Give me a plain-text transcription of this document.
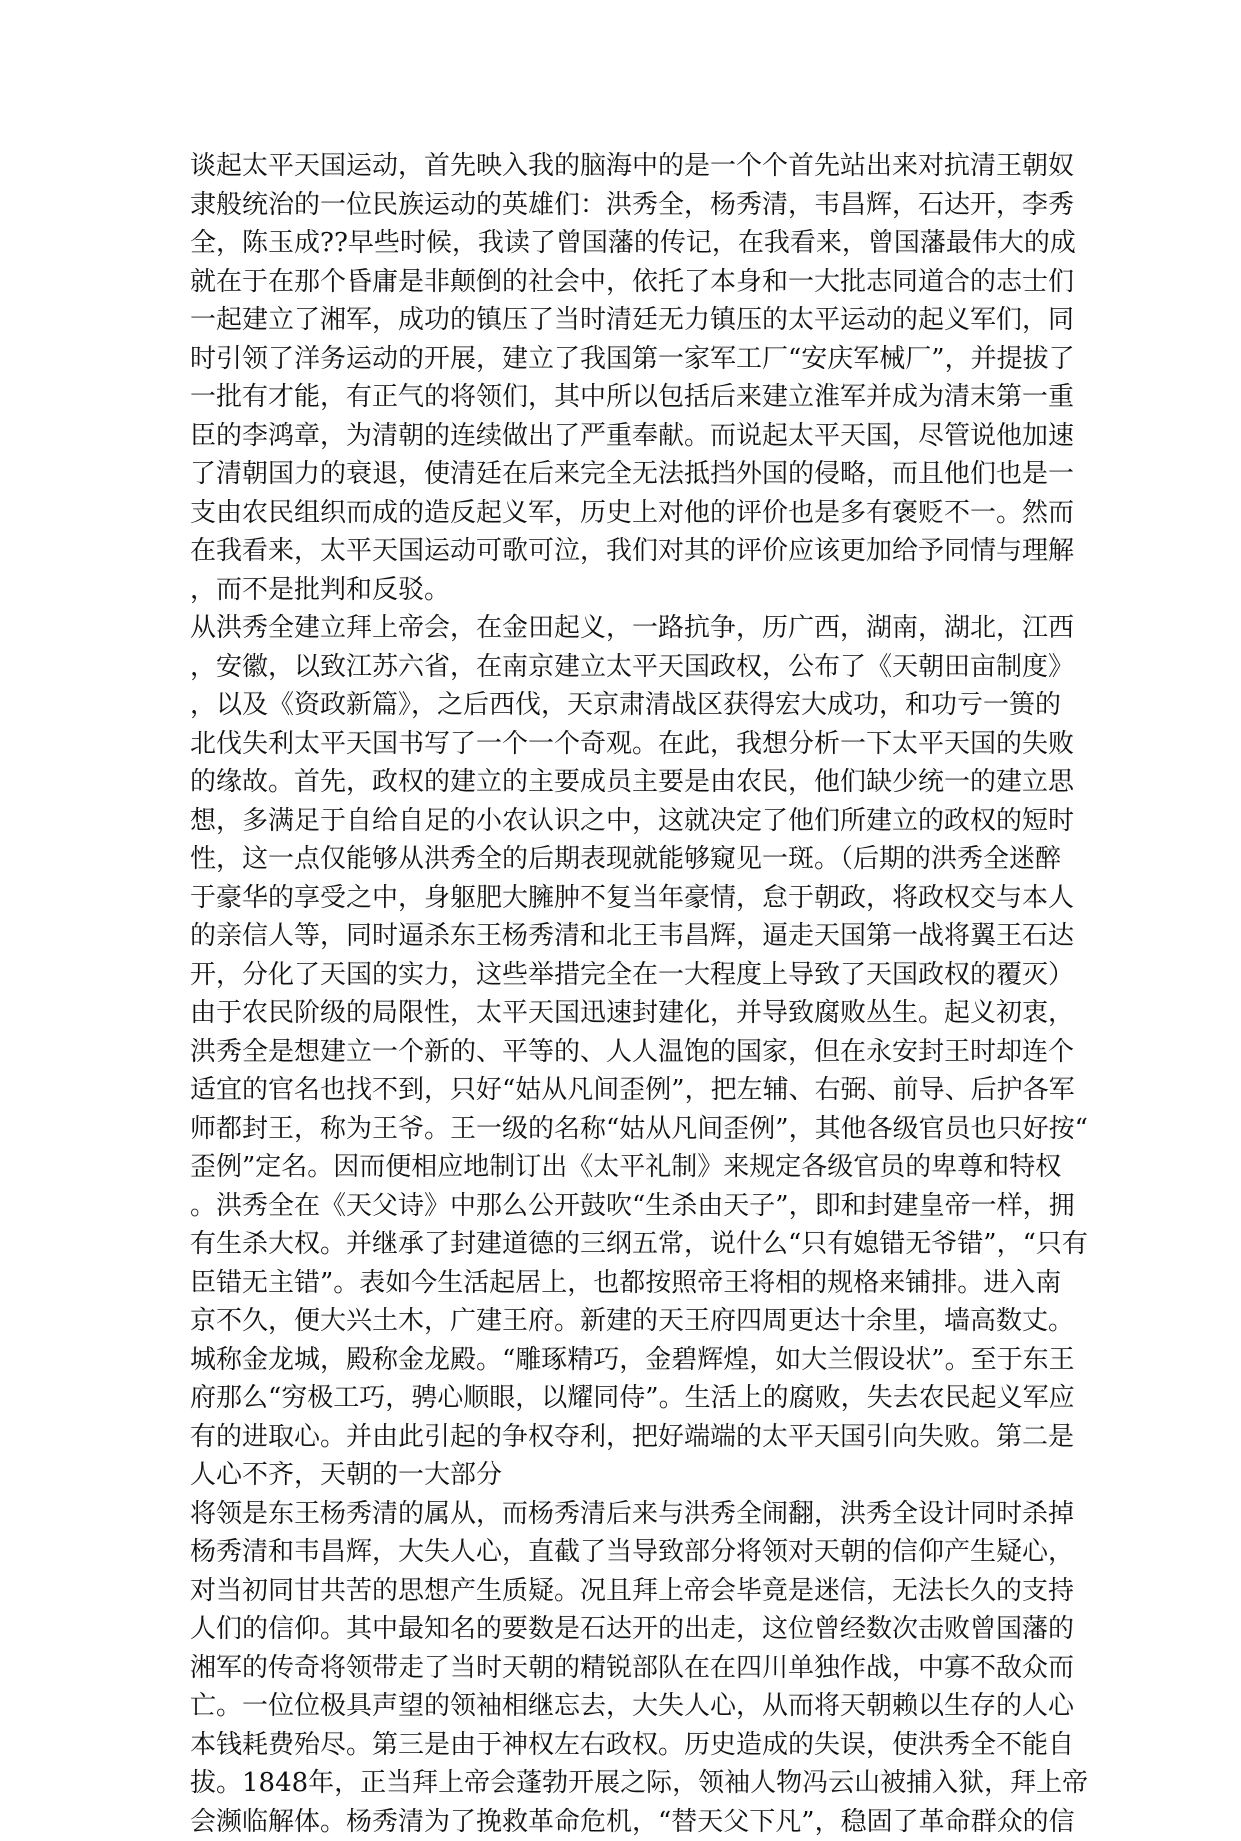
谈起太平天国运动，首先映入我的脑海中的是一个个首先站出来对抗清王朝奴
隶般统治的一位民族运动的英雄们：洪秀全，杨秀清，韦昌辉，石达开，李秀
全，陈玉成??早些时候，我读了曾国藩的传记，在我看来，曾国藩最伟大的成
就在于在那个昏庸是非颠倒的社会中，依托了本身和一大批志同道合的志士们
一起建立了湘军，成功的镇压了当时清廷无力镇压的太平运动的起义军们，同
时引领了洋务运动的开展，建立了我国第一家军工厂“安庆军械厂”，并提拔了
一批有才能，有正气的将领们，其中所以包括后来建立淮军并成为清末第一重
臣的李鸿章，为清朝的连续做出了严重奉献。而说起太平天国，尽管说他加速
了清朝国力的衰退，使清廷在后来完全无法抵挡外国的侵略，而且他们也是一
支由农民组织而成的造反起义军，历史上对他的评价也是多有褒贬不一。然而
在我看来，太平天国运动可歌可泣，我们对其的评价应该更加给予同情与理解
，而不是批判和反驳。
从洪秀全建立拜上帝会，在金田起义，一路抗争，历广西，湖南，湖北，江西
，安徽，以致江苏六省，在南京建立太平天国政权，公布了《天朝田亩制度》
，以及《资政新篇》，之后西伐，天京肃清战区获得宏大成功，和功亏一篑的
北伐失利太平天国书写了一个一个奇观。在此，我想分析一下太平天国的失败
的缘故。首先，政权的建立的主要成员主要是由农民，他们缺少统一的建立思
想，多满足于自给自足的小农认识之中，这就决定了他们所建立的政权的短时
性，这一点仅能够从洪秀全的后期表现就能够窥见一斑。（后期的洪秀全迷醉
于豪华的享受之中，身躯肥大臃肿不复当年豪情，怠于朝政，将政权交与本人
的亲信人等，同时逼杀东王杨秀清和北王韦昌辉，逼走天国第一战将翼王石达
开，分化了天国的实力，这些举措完全在一大程度上导致了天国政权的覆灭）
由于农民阶级的局限性，太平天国迅速封建化，并导致腐败丛生。起义初衷，
洪秀全是想建立一个新的、平等的、人人温饱的国家，但在永安封王时却连个
适宜的官名也找不到，只好“姑从凡间歪例”，把左辅、右弼、前导、后护各军
师都封王，称为王爷。王一级的名称“姑从凡间歪例”，其他各级官员也只好按“
歪例”定名。因而便相应地制订出《太平礼制》来规定各级官员的卑尊和特权
。洪秀全在《天父诗》中那么公开鼓吹“生杀由天子”，即和封建皇帝一样，拥
有生杀大权。并继承了封建道德的三纲五常，说什么“只有媳错无爷错”，“只有
臣错无主错”。表如今生活起居上，也都按照帝王将相的规格来铺排。进入南
京不久，便大兴土木，广建王府。新建的天王府四周更达十余里，墙高数丈。
城称金龙城，殿称金龙殿。“雕琢精巧，金碧辉煌，如大兰假设状”。至于东王
府那么“穷极工巧，骋心顺眼，以耀同侍”。生活上的腐败，失去农民起义军应
有的进取心。并由此引起的争权夺利，把好端端的太平天国引向失败。第二是
人心不齐，天朝的一大部分
将领是东王杨秀清的属从，而杨秀清后来与洪秀全闹翻，洪秀全设计同时杀掉
杨秀清和韦昌辉，大失人心，直截了当导致部分将领对天朝的信仰产生疑心，
对当初同甘共苦的思想产生质疑。况且拜上帝会毕竟是迷信，无法长久的支持
人们的信仰。其中最知名的要数是石达开的出走，这位曾经数次击败曾国藩的
湘军的传奇将领带走了当时天朝的精锐部队在在四川单独作战，中寡不敌众而
亡。一位位极具声望的领袖相继忘去，大失人心，从而将天朝赖以生存的人心
本钱耗费殆尽。第三是由于神权左右政权。历史造成的失误，使洪秀全不能自
拔。1848年，正当拜上帝会蓬勃开展之际，领袖人物冯云山被捕入狱，拜上帝
会濒临解体。杨秀清为了挽救革命危机，“替天父下凡”，稳固了革命群众的信
